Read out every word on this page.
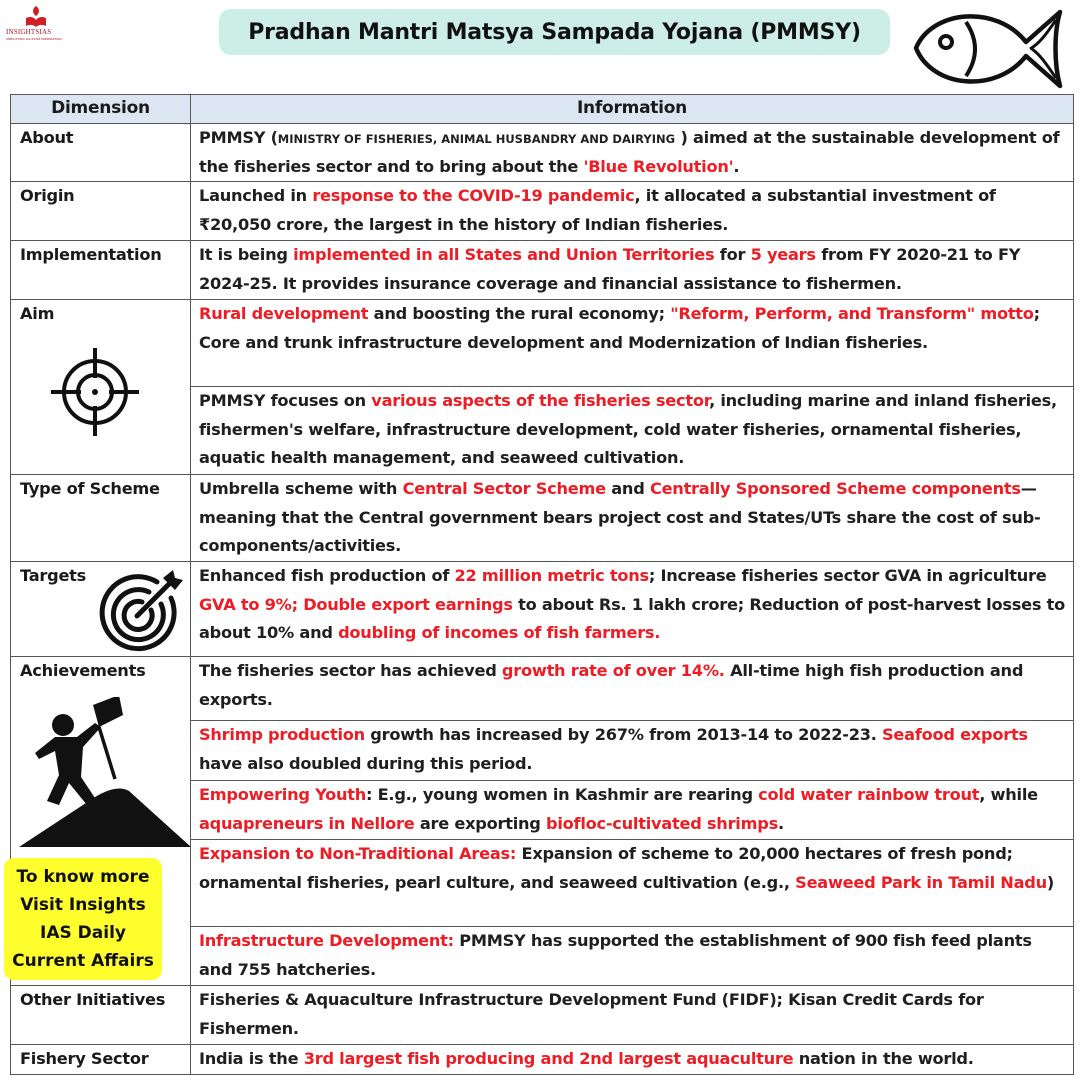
INSIGHTSIAS
SIMPLIFYING IAS EXAM PREPARATION	Pradhan Mantri Matsya Sampada Yojana (PMMSY)
Dimension	Information
About	PMMSY (MINISTRY OF FISHERIES, ANIMAL HUSBANDRY AND DAIRYING ) aimed at the sustainable development of the fisheries sector and to bring about the 'Blue Revolution'.
Origin	Launched in response to the COVID-19 pandemic, it allocated a substantial investment of ₹20,050 crore, the largest in the history of Indian fisheries.
Implementation	It is being implemented in all States and Union Territories for 5 years from FY 2020-21 to FY 2024-25. It provides insurance coverage and financial assistance to fishermen.
Aim	Rural development and boosting the rural economy; "Reform, Perform, and Transform" motto; Core and trunk infrastructure development and Modernization of Indian fisheries.
	PMMSY focuses on various aspects of the fisheries sector, including marine and inland fisheries, fishermen's welfare, infrastructure development, cold water fisheries, ornamental fisheries, aquatic health management, and seaweed cultivation.
Type of Scheme	Umbrella scheme with Central Sector Scheme and Centrally Sponsored Scheme components—meaning that the Central government bears project cost and States/UTs share the cost of sub-components/activities.
Targets	Enhanced fish production of 22 million metric tons; Increase fisheries sector GVA in agriculture GVA to 9%; Double export earnings to about Rs. 1 lakh crore; Reduction of post-harvest losses to about 10% and doubling of incomes of fish farmers.
Achievements	The fisheries sector has achieved growth rate of over 14%. All-time high fish production and exports.
	Shrimp production growth has increased by 267% from 2013-14 to 2022-23. Seafood exports have also doubled during this period.
	Empowering Youth: E.g., young women in Kashmir are rearing cold water rainbow trout, while aquapreneurs in Nellore are exporting biofloc-cultivated shrimps.
	Expansion to Non-Traditional Areas: Expansion of scheme to 20,000 hectares of fresh pond; ornamental fisheries, pearl culture, and seaweed cultivation (e.g., Seaweed Park in Tamil Nadu)
	Infrastructure Development: PMMSY has supported the establishment of 900 fish feed plants and 755 hatcheries.
Other Initiatives	Fisheries & Aquaculture Infrastructure Development Fund (FIDF); Kisan Credit Cards for Fishermen.
Fishery Sector	India is the 3rd largest fish producing and 2nd largest aquaculture nation in the world.
To know more
Visit Insights
IAS Daily
Current Affairs
